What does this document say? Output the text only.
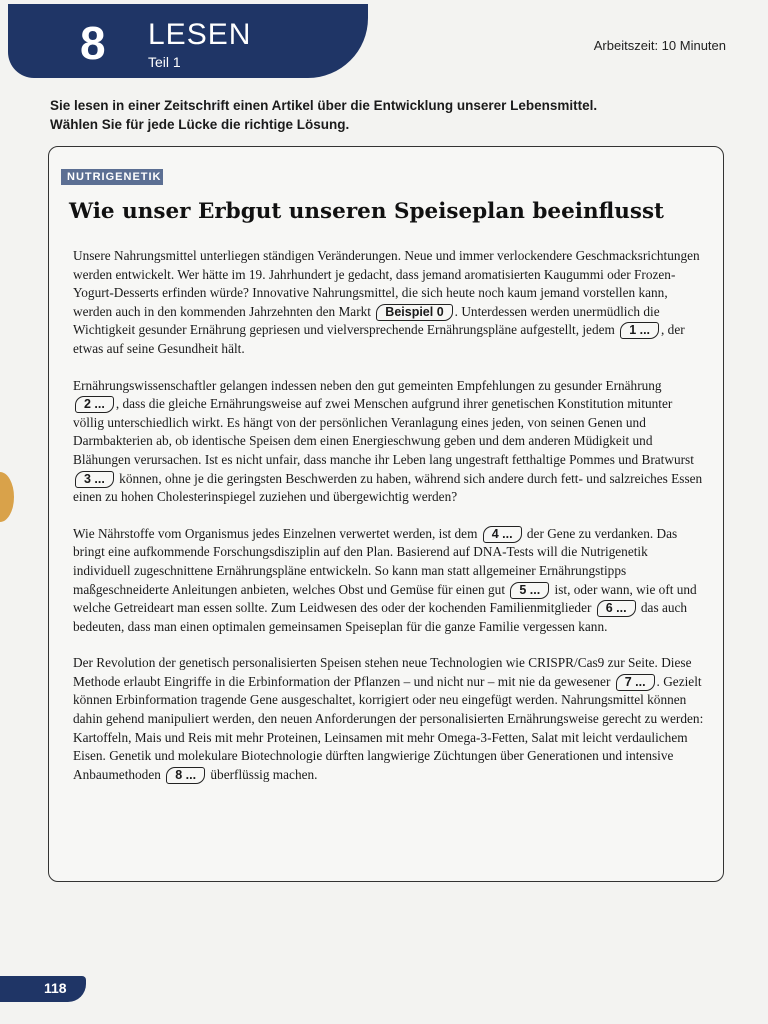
8 LESEN
Teil 1
Arbeitszeit: 10 Minuten
Sie lesen in einer Zeitschrift einen Artikel über die Entwicklung unserer Lebensmittel.
Wählen Sie für jede Lücke die richtige Lösung.
NUTRIGENETIK
Wie unser Erbgut unseren Speiseplan beeinflusst

Unsere Nahrungsmittel unterliegen ständigen Veränderungen. Neue und immer verlockendere Geschmacksrichtungen werden entwickelt. Wer hätte im 19. Jahrhundert je gedacht, dass jemand aromatisierten Kaugummi oder Frozen-Yogurt-Desserts erfinden würde? Innovative Nahrungsmittel, die sich heute noch kaum jemand vorstellen kann, werden auch in den kommenden Jahrzehnten den Markt Beispiel 0 . Unterdessen werden unermüdlich die Wichtigkeit gesunder Ernährung gepriesen und vielversprechende Ernährungspläne aufgestellt, jedem 1 ... , der etwas auf seine Gesundheit hält.

Ernährungswissenschaftler gelangen indessen neben den gut gemeinten Empfehlungen zu gesunder Ernährung 2 ... , dass die gleiche Ernährungsweise auf zwei Menschen aufgrund ihrer genetischen Konstitution mitunter völlig unterschiedlich wirkt. Es hängt von der persönlichen Veranlagung eines jeden, von seinen Genen und Darmbakterien ab, ob identische Speisen dem einen Energieschwung geben und dem anderen Müdigkeit und Blähungen verursachen. Ist es nicht unfair, dass manche ihr Leben lang ungestraft fetthaltige Pommes und Bratwurst 3 ... können, ohne je die geringsten Beschwerden zu haben, während sich andere durch fett- und salzreiches Essen einen zu hohen Cholesterinspiegel zuziehen und übergewichtig werden?

Wie Nährstoffe vom Organismus jedes Einzelnen verwertet werden, ist dem 4 ... der Gene zu verdanken. Das bringt eine aufkommende Forschungsdisziplin auf den Plan. Basierend auf DNA-Tests will die Nutrigenetik individuell zugeschnittene Ernährungspläne entwickeln. So kann man statt allgemeiner Ernährungstipps maßgeschneiderte Anleitungen anbieten, welches Obst und Gemüse für einen gut 5 ... ist, oder wann, wie oft und welche Getreideart man essen sollte. Zum Leidwesen des oder der kochenden Familienmitglieder 6 ... das auch bedeuten, dass man einen optimalen gemeinsamen Speiseplan für die ganze Familie vergessen kann.

Der Revolution der genetisch personalisierten Speisen stehen neue Technologien wie CRISPR/Cas9 zur Seite. Diese Methode erlaubt Eingriffe in die Erbinformation der Pflanzen – und nicht nur – mit nie da gewesener 7 ... . Gezielt können Erbinformation tragende Gene ausgeschaltet, korrigiert oder neu eingefügt werden. Nahrungsmittel können dahin gehend manipuliert werden, den neuen Anforderungen der personalisierten Ernährungsweise gerecht zu werden: Kartoffeln, Mais und Reis mit mehr Proteinen, Leinsamen mit mehr Omega-3-Fetten, Salat mit leicht verdaulichem Eisen. Genetik und molekulare Biotechnologie dürften langwierige Züchtungen über Generationen und intensive Anbaumethoden 8 ... überflüssig machen.

118
